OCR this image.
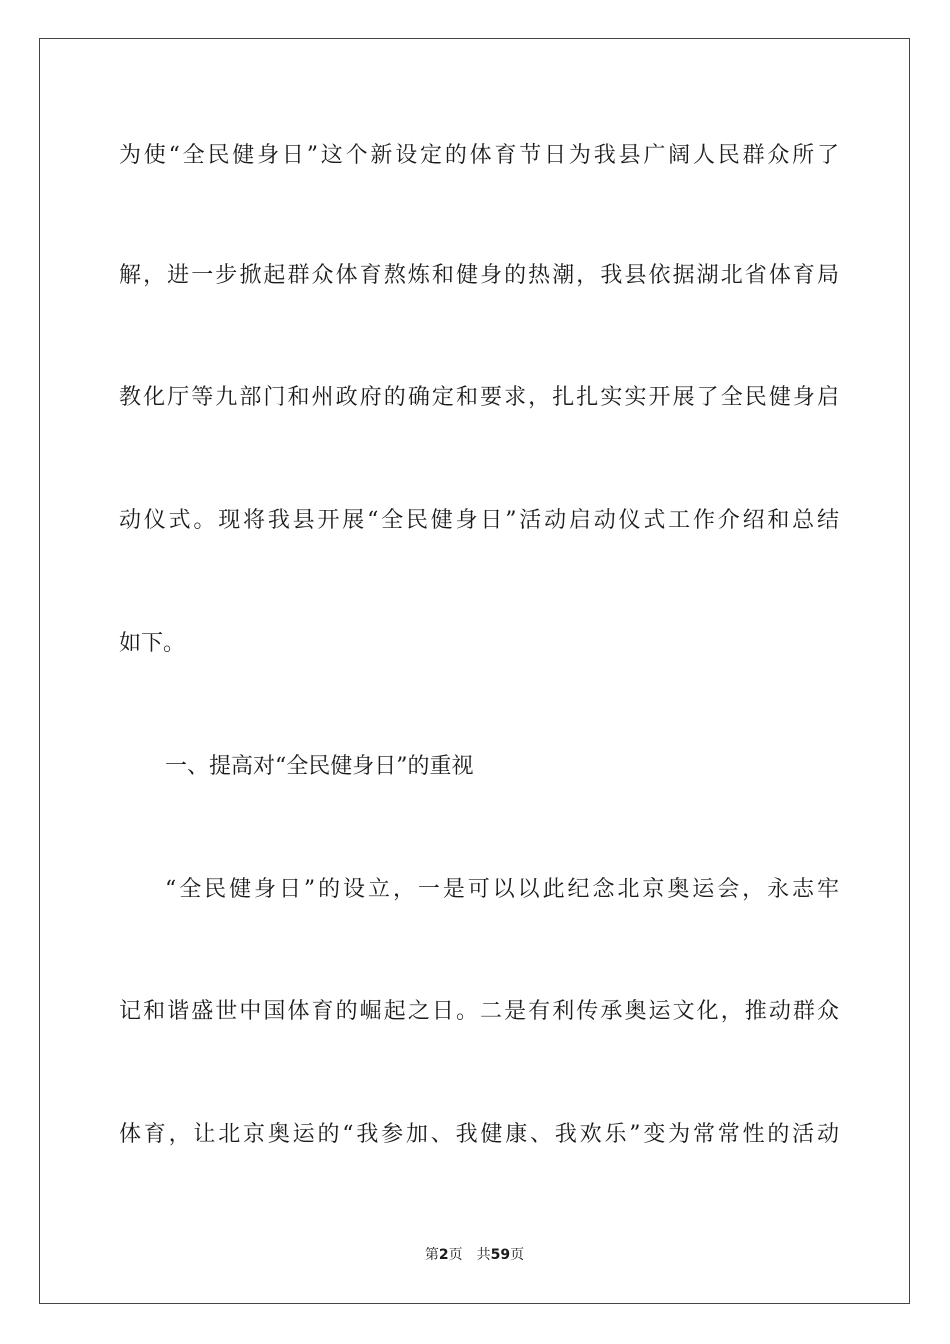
为使“全民健身日”这个新设定的体育节日为我县广阔人民群众所了
解，进一步掀起群众体育熬炼和健身的热潮，我县依据湖北省体育局
教化厅等九部门和州政府的确定和要求，扎扎实实开展了全民健身启
动仪式。现将我县开展“全民健身日”活动启动仪式工作介绍和总结
如下。
一、提高对“全民健身日”的重视
“全民健身日”的设立，一是可以以此纪念北京奥运会，永志牢
记和谐盛世中国体育的崛起之日。二是有利传承奥运文化，推动群众
体育，让北京奥运的“我参加、我健康、我欢乐”变为常常性的活动
第2页 共59页
